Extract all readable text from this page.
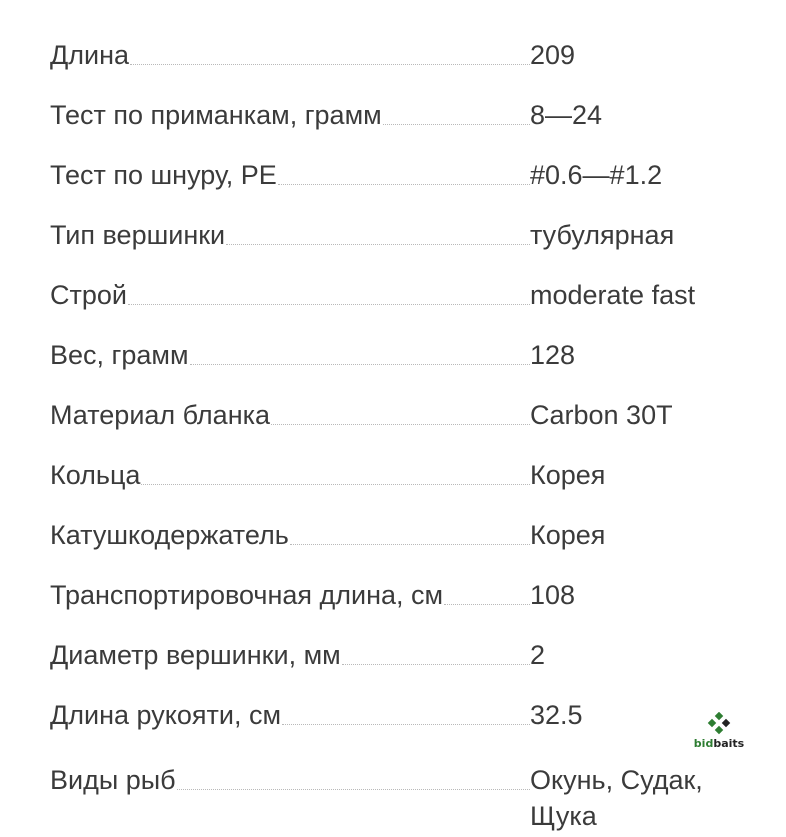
Длина	209
Тест по приманкам, грамм	8—24
Тест по шнуру, PE	#0.6—#1.2
Тип вершинки	тубулярная
Строй	moderate fast
Вес, грамм	128
Материал бланка	Carbon 30T
Кольца	Корея
Катушкодержатель	Корея
Транспортировочная длина, см	108
Диаметр вершинки, мм	2
Длина рукояти, см	32.5
Виды рыб	Окунь, Судак, Щука
bidbaits
